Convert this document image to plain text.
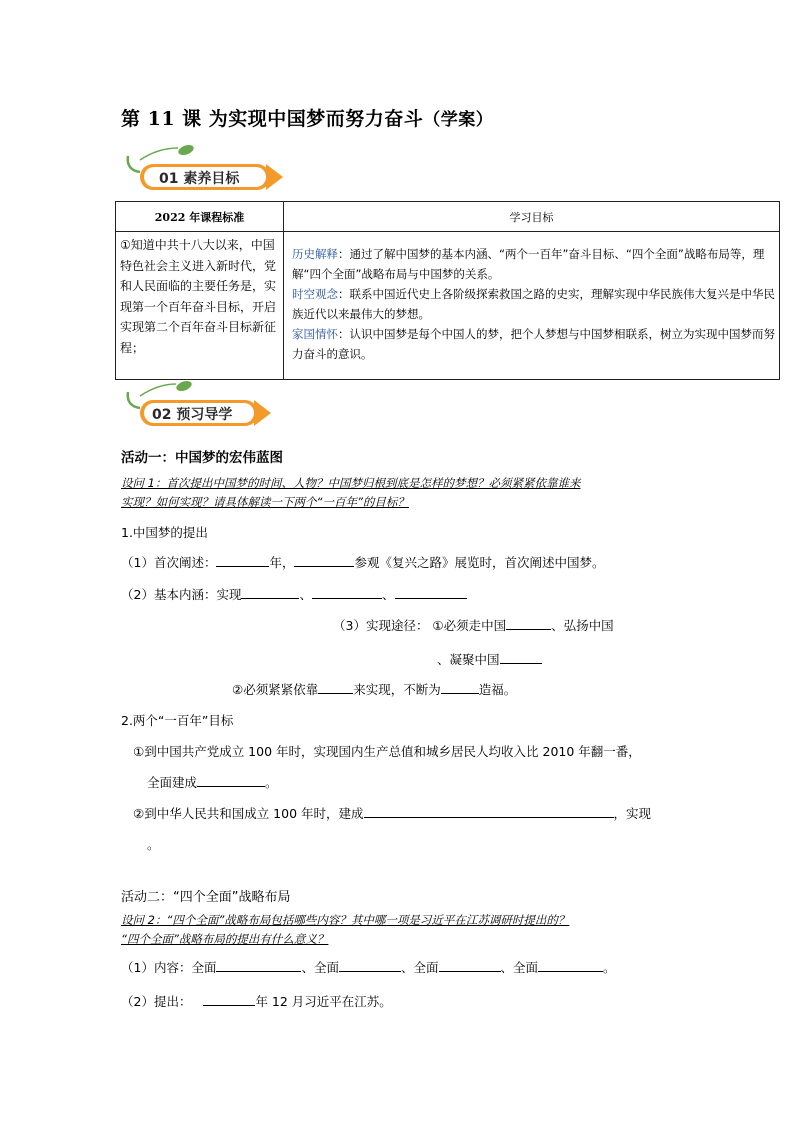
第 11 课 为实现中国梦而努力奋斗（学案）
01 素养目标
2022 年课程标准	学习目标
①知道中共十八大以来，中国特色社会主义进入新时代，党和人民面临的主要任务是，实现第一个百年奋斗目标，开启实现第二个百年奋斗目标新征程；	历史解释：通过了解中国梦的基本内涵、“两个一百年”奋斗目标、“四个全面”战略布局等，理解“四个全面”战略布局与中国梦的关系。
时空观念：联系中国近代史上各阶级探索救国之路的史实，理解实现中华民族伟大复兴是中华民族近代以来最伟大的梦想。
家国情怀：认识中国梦是每个中国人的梦，把个人梦想与中国梦相联系，树立为实现中国梦而努力奋斗的意识。
02 预习导学
活动一：中国梦的宏伟蓝图
设问 1：首次提出中国梦的时间、人物？中国梦归根到底是怎样的梦想？必须紧紧依靠谁来
实现？如何实现？请具体解读一下两个“一百年”的目标？
1.中国梦的提出
（1）首次阐述：	年，	参观《复兴之路》展览时，首次阐述中国梦。
（2）基本内涵：实现	、	、
（3）实现途径： ①必须走中国	、弘扬中国
、凝聚中国
②必须紧紧依靠	来实现，不断为	造福。
2.两个“一百年”目标
①到中国共产党成立 100 年时，实现国内生产总值和城乡居民人均收入比 2010 年翻一番，
全面建成	。
②到中华人民共和国成立 100 年时，建成	，实现
。
活动二：“四个全面”战略布局
设问 2：“四个全面”战略布局包括哪些内容？其中哪一项是习近平在江苏调研时提出的？
“四个全面”战略布局的提出有什么意义？
（1）内容：全面	、全面	、全面	、全面	。
（2）提出：	年 12 月习近平在江苏。
